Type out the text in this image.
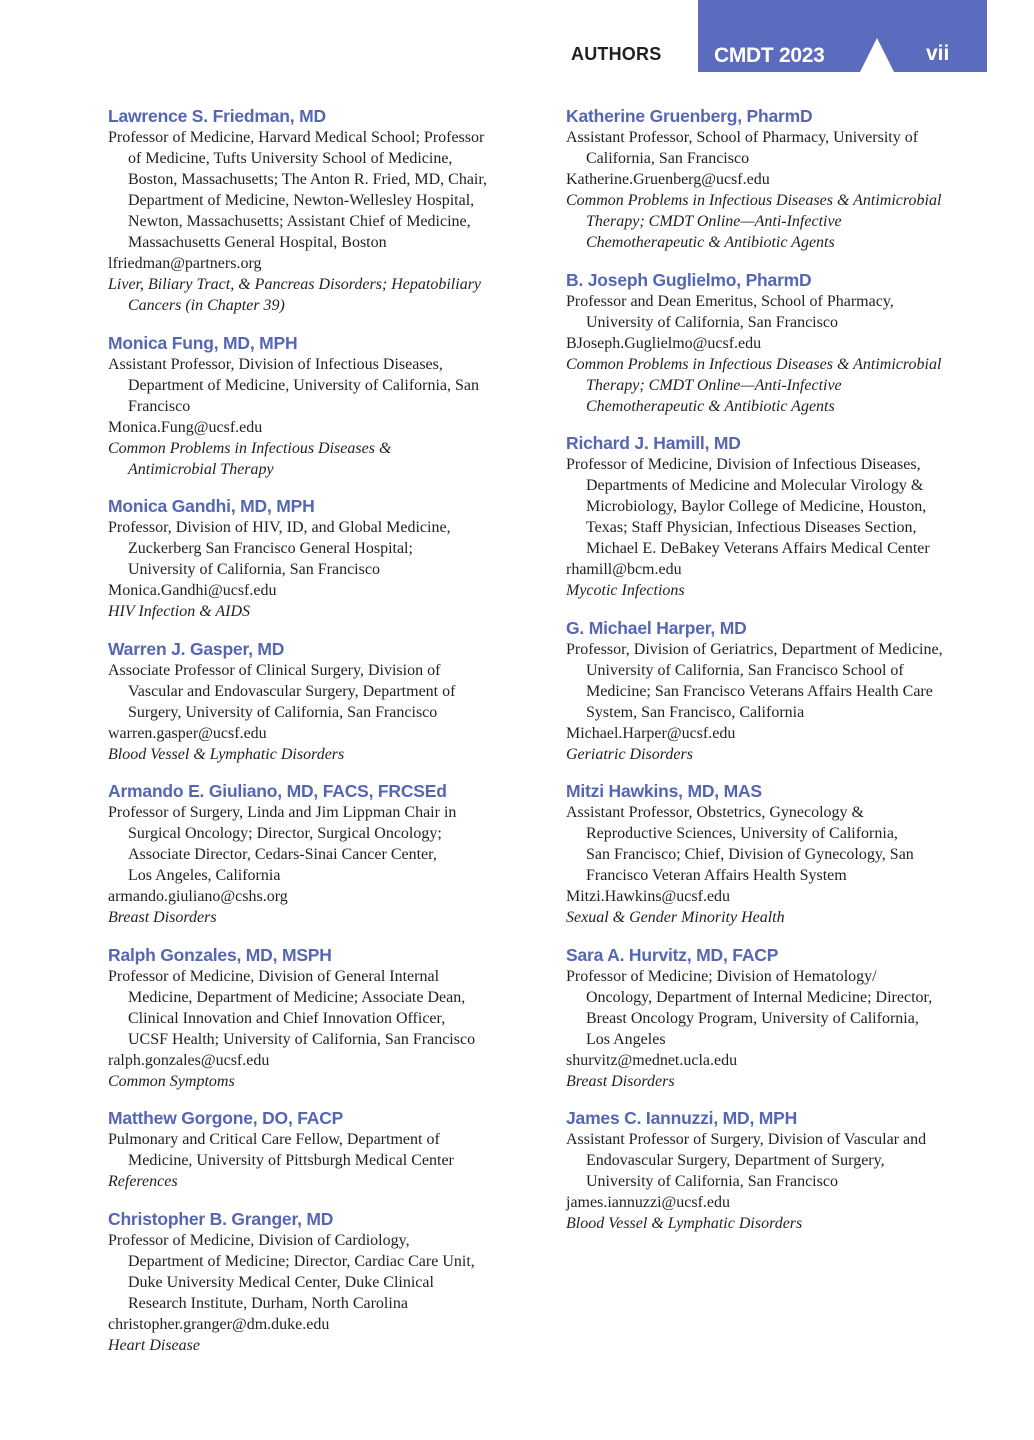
AUTHORS	CMDT 2023	vii
Lawrence S. Friedman, MD
Professor of Medicine, Harvard Medical School; Professor
of Medicine, Tufts University School of Medicine,
Boston, Massachusetts; The Anton R. Fried, MD, Chair,
Department of Medicine, Newton-Wellesley Hospital,
Newton, Massachusetts; Assistant Chief of Medicine,
Massachusetts General Hospital, Boston
lfriedman@partners.org
Liver, Biliary Tract, & Pancreas Disorders; Hepatobiliary
Cancers (in Chapter 39)
Monica Fung, MD, MPH
Assistant Professor, Division of Infectious Diseases,
Department of Medicine, University of California, San
Francisco
Monica.Fung@ucsf.edu
Common Problems in Infectious Diseases &
Antimicrobial Therapy
Monica Gandhi, MD, MPH
Professor, Division of HIV, ID, and Global Medicine,
Zuckerberg San Francisco General Hospital;
University of California, San Francisco
Monica.Gandhi@ucsf.edu
HIV Infection & AIDS
Warren J. Gasper, MD
Associate Professor of Clinical Surgery, Division of
Vascular and Endovascular Surgery, Department of
Surgery, University of California, San Francisco
warren.gasper@ucsf.edu
Blood Vessel & Lymphatic Disorders
Armando E. Giuliano, MD, FACS, FRCSEd
Professor of Surgery, Linda and Jim Lippman Chair in
Surgical Oncology; Director, Surgical Oncology;
Associate Director, Cedars-Sinai Cancer Center,
Los Angeles, California
armando.giuliano@cshs.org
Breast Disorders
Ralph Gonzales, MD, MSPH
Professor of Medicine, Division of General Internal
Medicine, Department of Medicine; Associate Dean,
Clinical Innovation and Chief Innovation Officer,
UCSF Health; University of California, San Francisco
ralph.gonzales@ucsf.edu
Common Symptoms
Matthew Gorgone, DO, FACP
Pulmonary and Critical Care Fellow, Department of
Medicine, University of Pittsburgh Medical Center
References
Christopher B. Granger, MD
Professor of Medicine, Division of Cardiology,
Department of Medicine; Director, Cardiac Care Unit,
Duke University Medical Center, Duke Clinical
Research Institute, Durham, North Carolina
christopher.granger@dm.duke.edu
Heart Disease
Katherine Gruenberg, PharmD
Assistant Professor, School of Pharmacy, University of
California, San Francisco
Katherine.Gruenberg@ucsf.edu
Common Problems in Infectious Diseases & Antimicrobial
Therapy; CMDT Online—Anti-Infective
Chemotherapeutic & Antibiotic Agents
B. Joseph Guglielmo, PharmD
Professor and Dean Emeritus, School of Pharmacy,
University of California, San Francisco
BJoseph.Guglielmo@ucsf.edu
Common Problems in Infectious Diseases & Antimicrobial
Therapy; CMDT Online—Anti-Infective
Chemotherapeutic & Antibiotic Agents
Richard J. Hamill, MD
Professor of Medicine, Division of Infectious Diseases,
Departments of Medicine and Molecular Virology &
Microbiology, Baylor College of Medicine, Houston,
Texas; Staff Physician, Infectious Diseases Section,
Michael E. DeBakey Veterans Affairs Medical Center
rhamill@bcm.edu
Mycotic Infections
G. Michael Harper, MD
Professor, Division of Geriatrics, Department of Medicine,
University of California, San Francisco School of
Medicine; San Francisco Veterans Affairs Health Care
System, San Francisco, California
Michael.Harper@ucsf.edu
Geriatric Disorders
Mitzi Hawkins, MD, MAS
Assistant Professor, Obstetrics, Gynecology &
Reproductive Sciences, University of California,
San Francisco; Chief, Division of Gynecology, San
Francisco Veteran Affairs Health System
Mitzi.Hawkins@ucsf.edu
Sexual & Gender Minority Health
Sara A. Hurvitz, MD, FACP
Professor of Medicine; Division of Hematology/
Oncology, Department of Internal Medicine; Director,
Breast Oncology Program, University of California,
Los Angeles
shurvitz@mednet.ucla.edu
Breast Disorders
James C. Iannuzzi, MD, MPH
Assistant Professor of Surgery, Division of Vascular and
Endovascular Surgery, Department of Surgery,
University of California, San Francisco
james.iannuzzi@ucsf.edu
Blood Vessel & Lymphatic Disorders
